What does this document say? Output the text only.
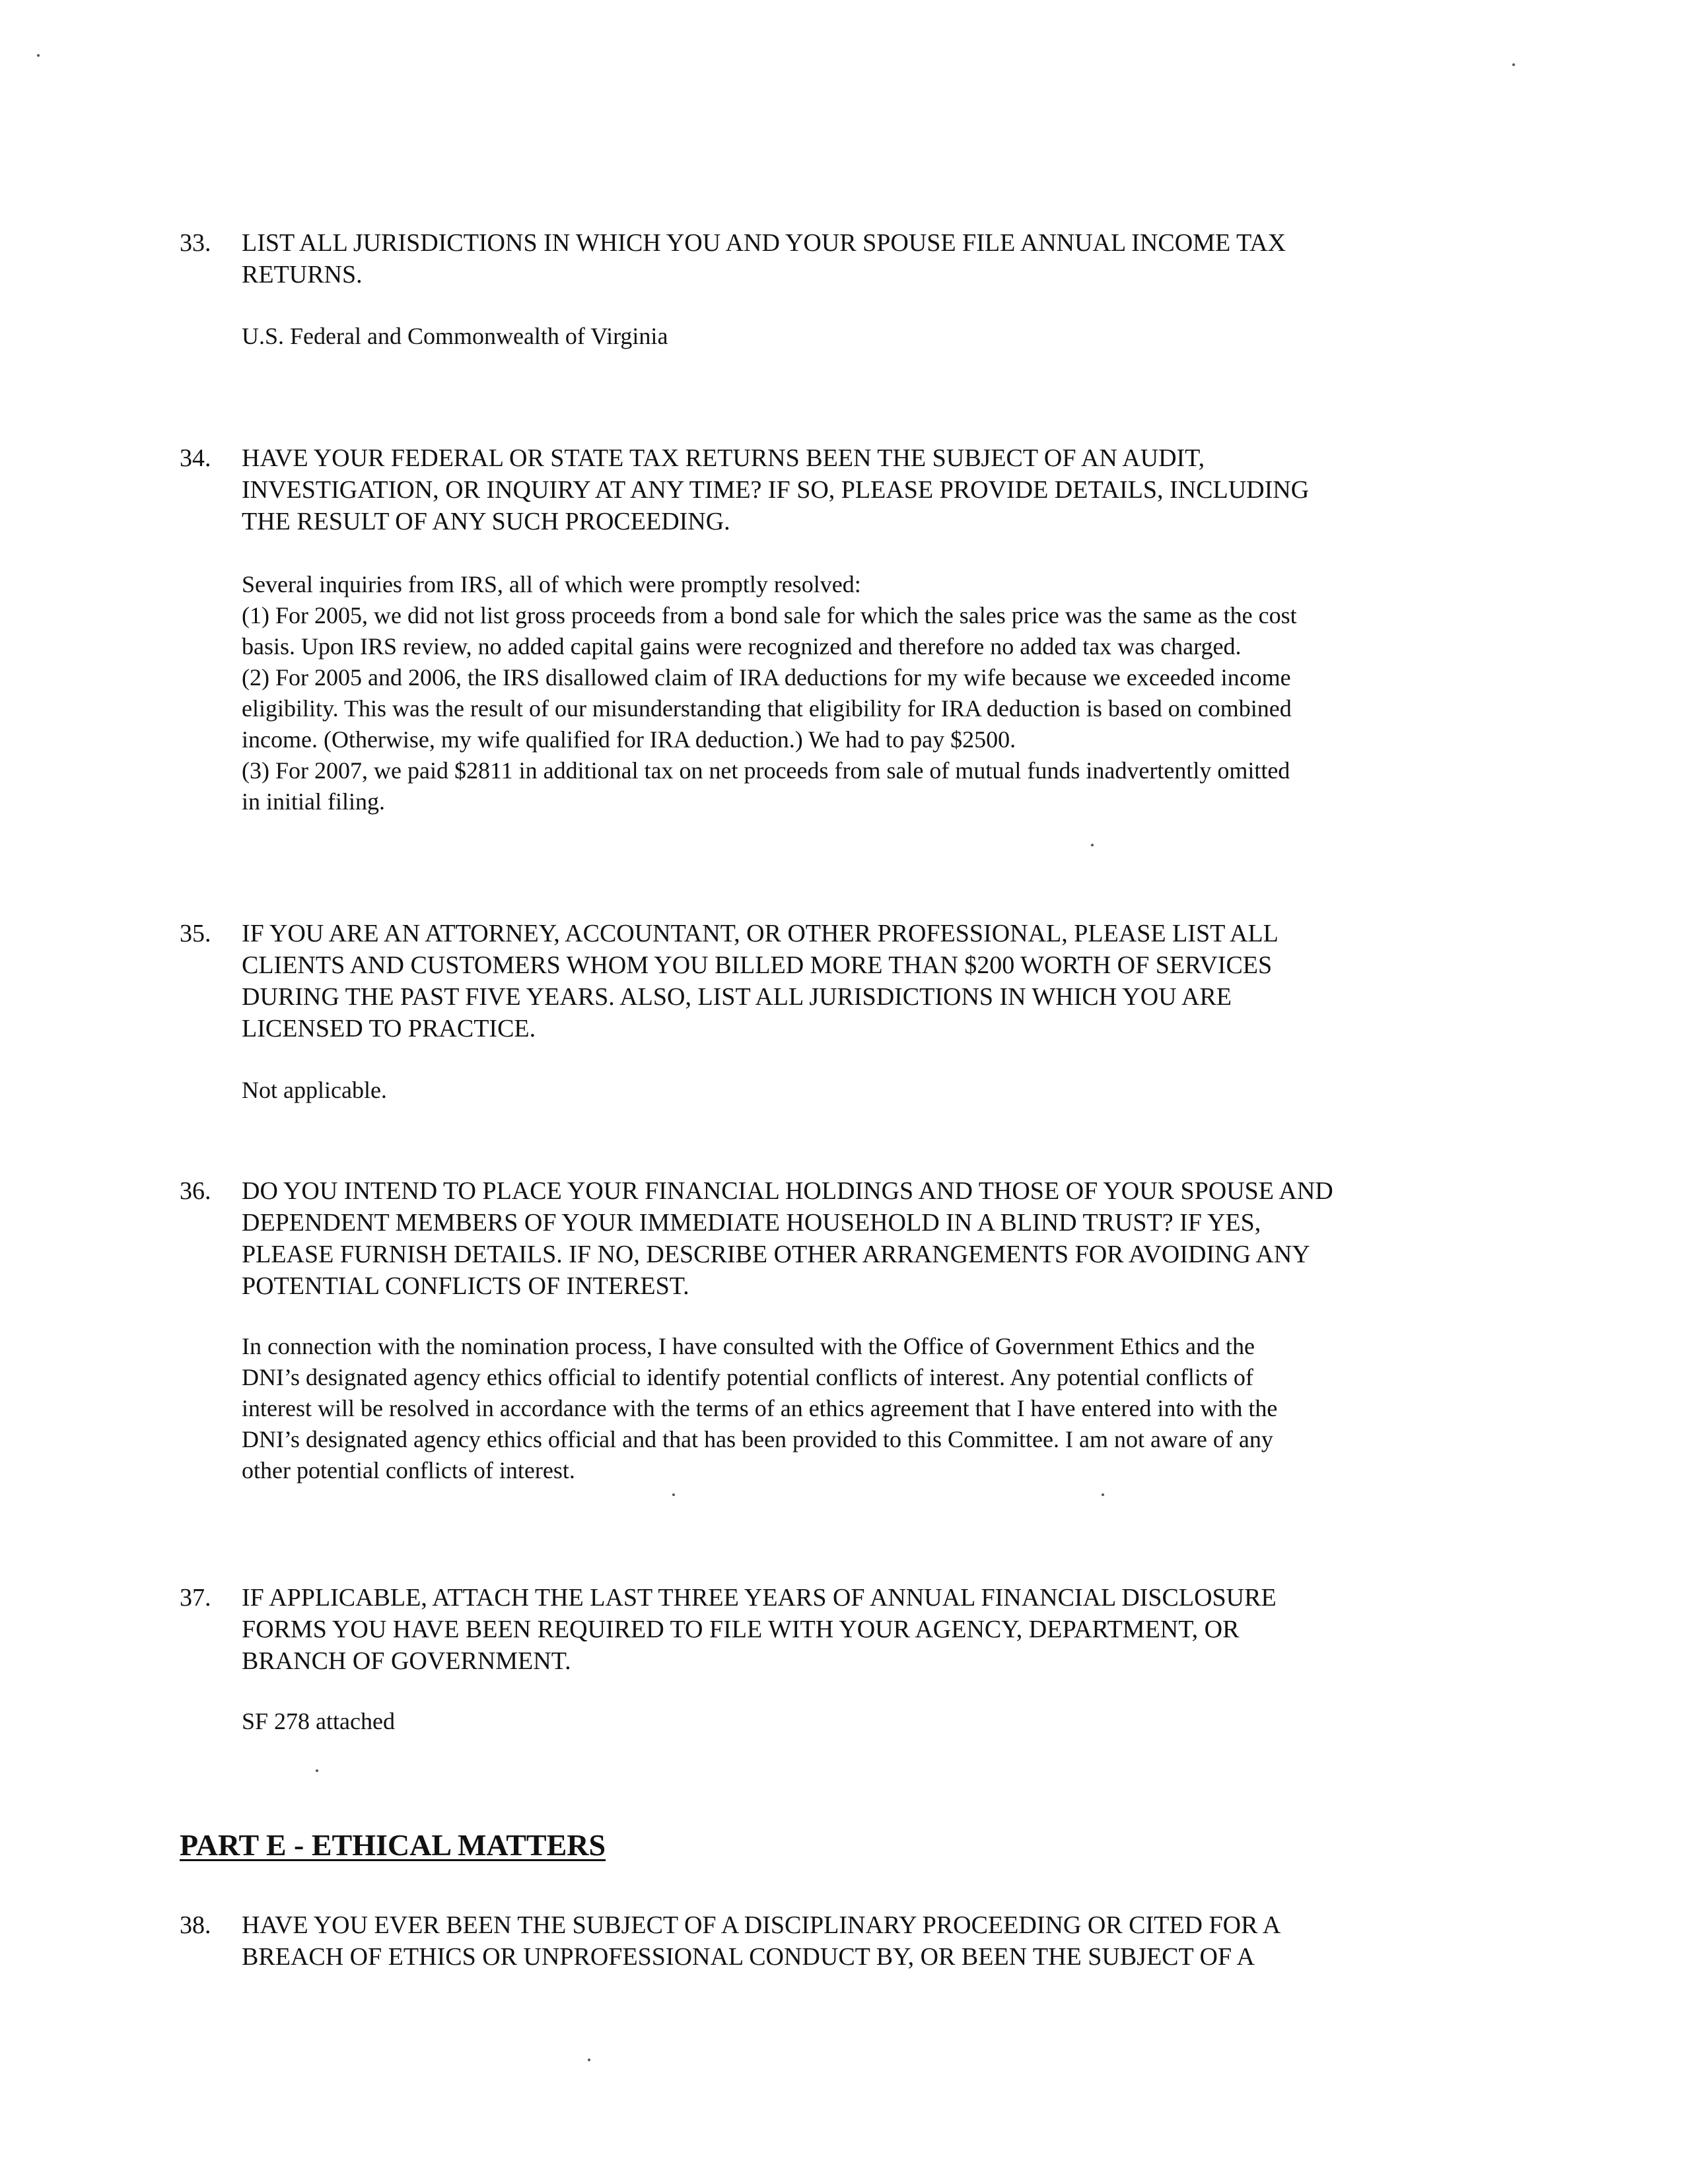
33. LIST ALL JURISDICTIONS IN WHICH YOU AND YOUR SPOUSE FILE ANNUAL INCOME TAX
RETURNS.
U.S. Federal and Commonwealth of Virginia
34. HAVE YOUR FEDERAL OR STATE TAX RETURNS BEEN THE SUBJECT OF AN AUDIT,
INVESTIGATION, OR INQUIRY AT ANY TIME? IF SO, PLEASE PROVIDE DETAILS, INCLUDING
THE RESULT OF ANY SUCH PROCEEDING.
Several inquiries from IRS, all of which were promptly resolved:
(1) For 2005, we did not list gross proceeds from a bond sale for which the sales price was the same as the cost
basis. Upon IRS review, no added capital gains were recognized and therefore no added tax was charged.
(2) For 2005 and 2006, the IRS disallowed claim of IRA deductions for my wife because we exceeded income
eligibility. This was the result of our misunderstanding that eligibility for IRA deduction is based on combined
income. (Otherwise, my wife qualified for IRA deduction.) We had to pay $2500.
(3) For 2007, we paid $2811 in additional tax on net proceeds from sale of mutual funds inadvertently omitted
in initial filing.
35. IF YOU ARE AN ATTORNEY, ACCOUNTANT, OR OTHER PROFESSIONAL, PLEASE LIST ALL
CLIENTS AND CUSTOMERS WHOM YOU BILLED MORE THAN $200 WORTH OF SERVICES
DURING THE PAST FIVE YEARS. ALSO, LIST ALL JURISDICTIONS IN WHICH YOU ARE
LICENSED TO PRACTICE.
Not applicable.
36. DO YOU INTEND TO PLACE YOUR FINANCIAL HOLDINGS AND THOSE OF YOUR SPOUSE AND
DEPENDENT MEMBERS OF YOUR IMMEDIATE HOUSEHOLD IN A BLIND TRUST? IF YES,
PLEASE FURNISH DETAILS. IF NO, DESCRIBE OTHER ARRANGEMENTS FOR AVOIDING ANY
POTENTIAL CONFLICTS OF INTEREST.
In connection with the nomination process, I have consulted with the Office of Government Ethics and the
DNI’s designated agency ethics official to identify potential conflicts of interest. Any potential conflicts of
interest will be resolved in accordance with the terms of an ethics agreement that I have entered into with the
DNI’s designated agency ethics official and that has been provided to this Committee. I am not aware of any
other potential conflicts of interest.
37. IF APPLICABLE, ATTACH THE LAST THREE YEARS OF ANNUAL FINANCIAL DISCLOSURE
FORMS YOU HAVE BEEN REQUIRED TO FILE WITH YOUR AGENCY, DEPARTMENT, OR
BRANCH OF GOVERNMENT.
SF 278 attached
PART E - ETHICAL MATTERS
38. HAVE YOU EVER BEEN THE SUBJECT OF A DISCIPLINARY PROCEEDING OR CITED FOR A
BREACH OF ETHICS OR UNPROFESSIONAL CONDUCT BY, OR BEEN THE SUBJECT OF A
